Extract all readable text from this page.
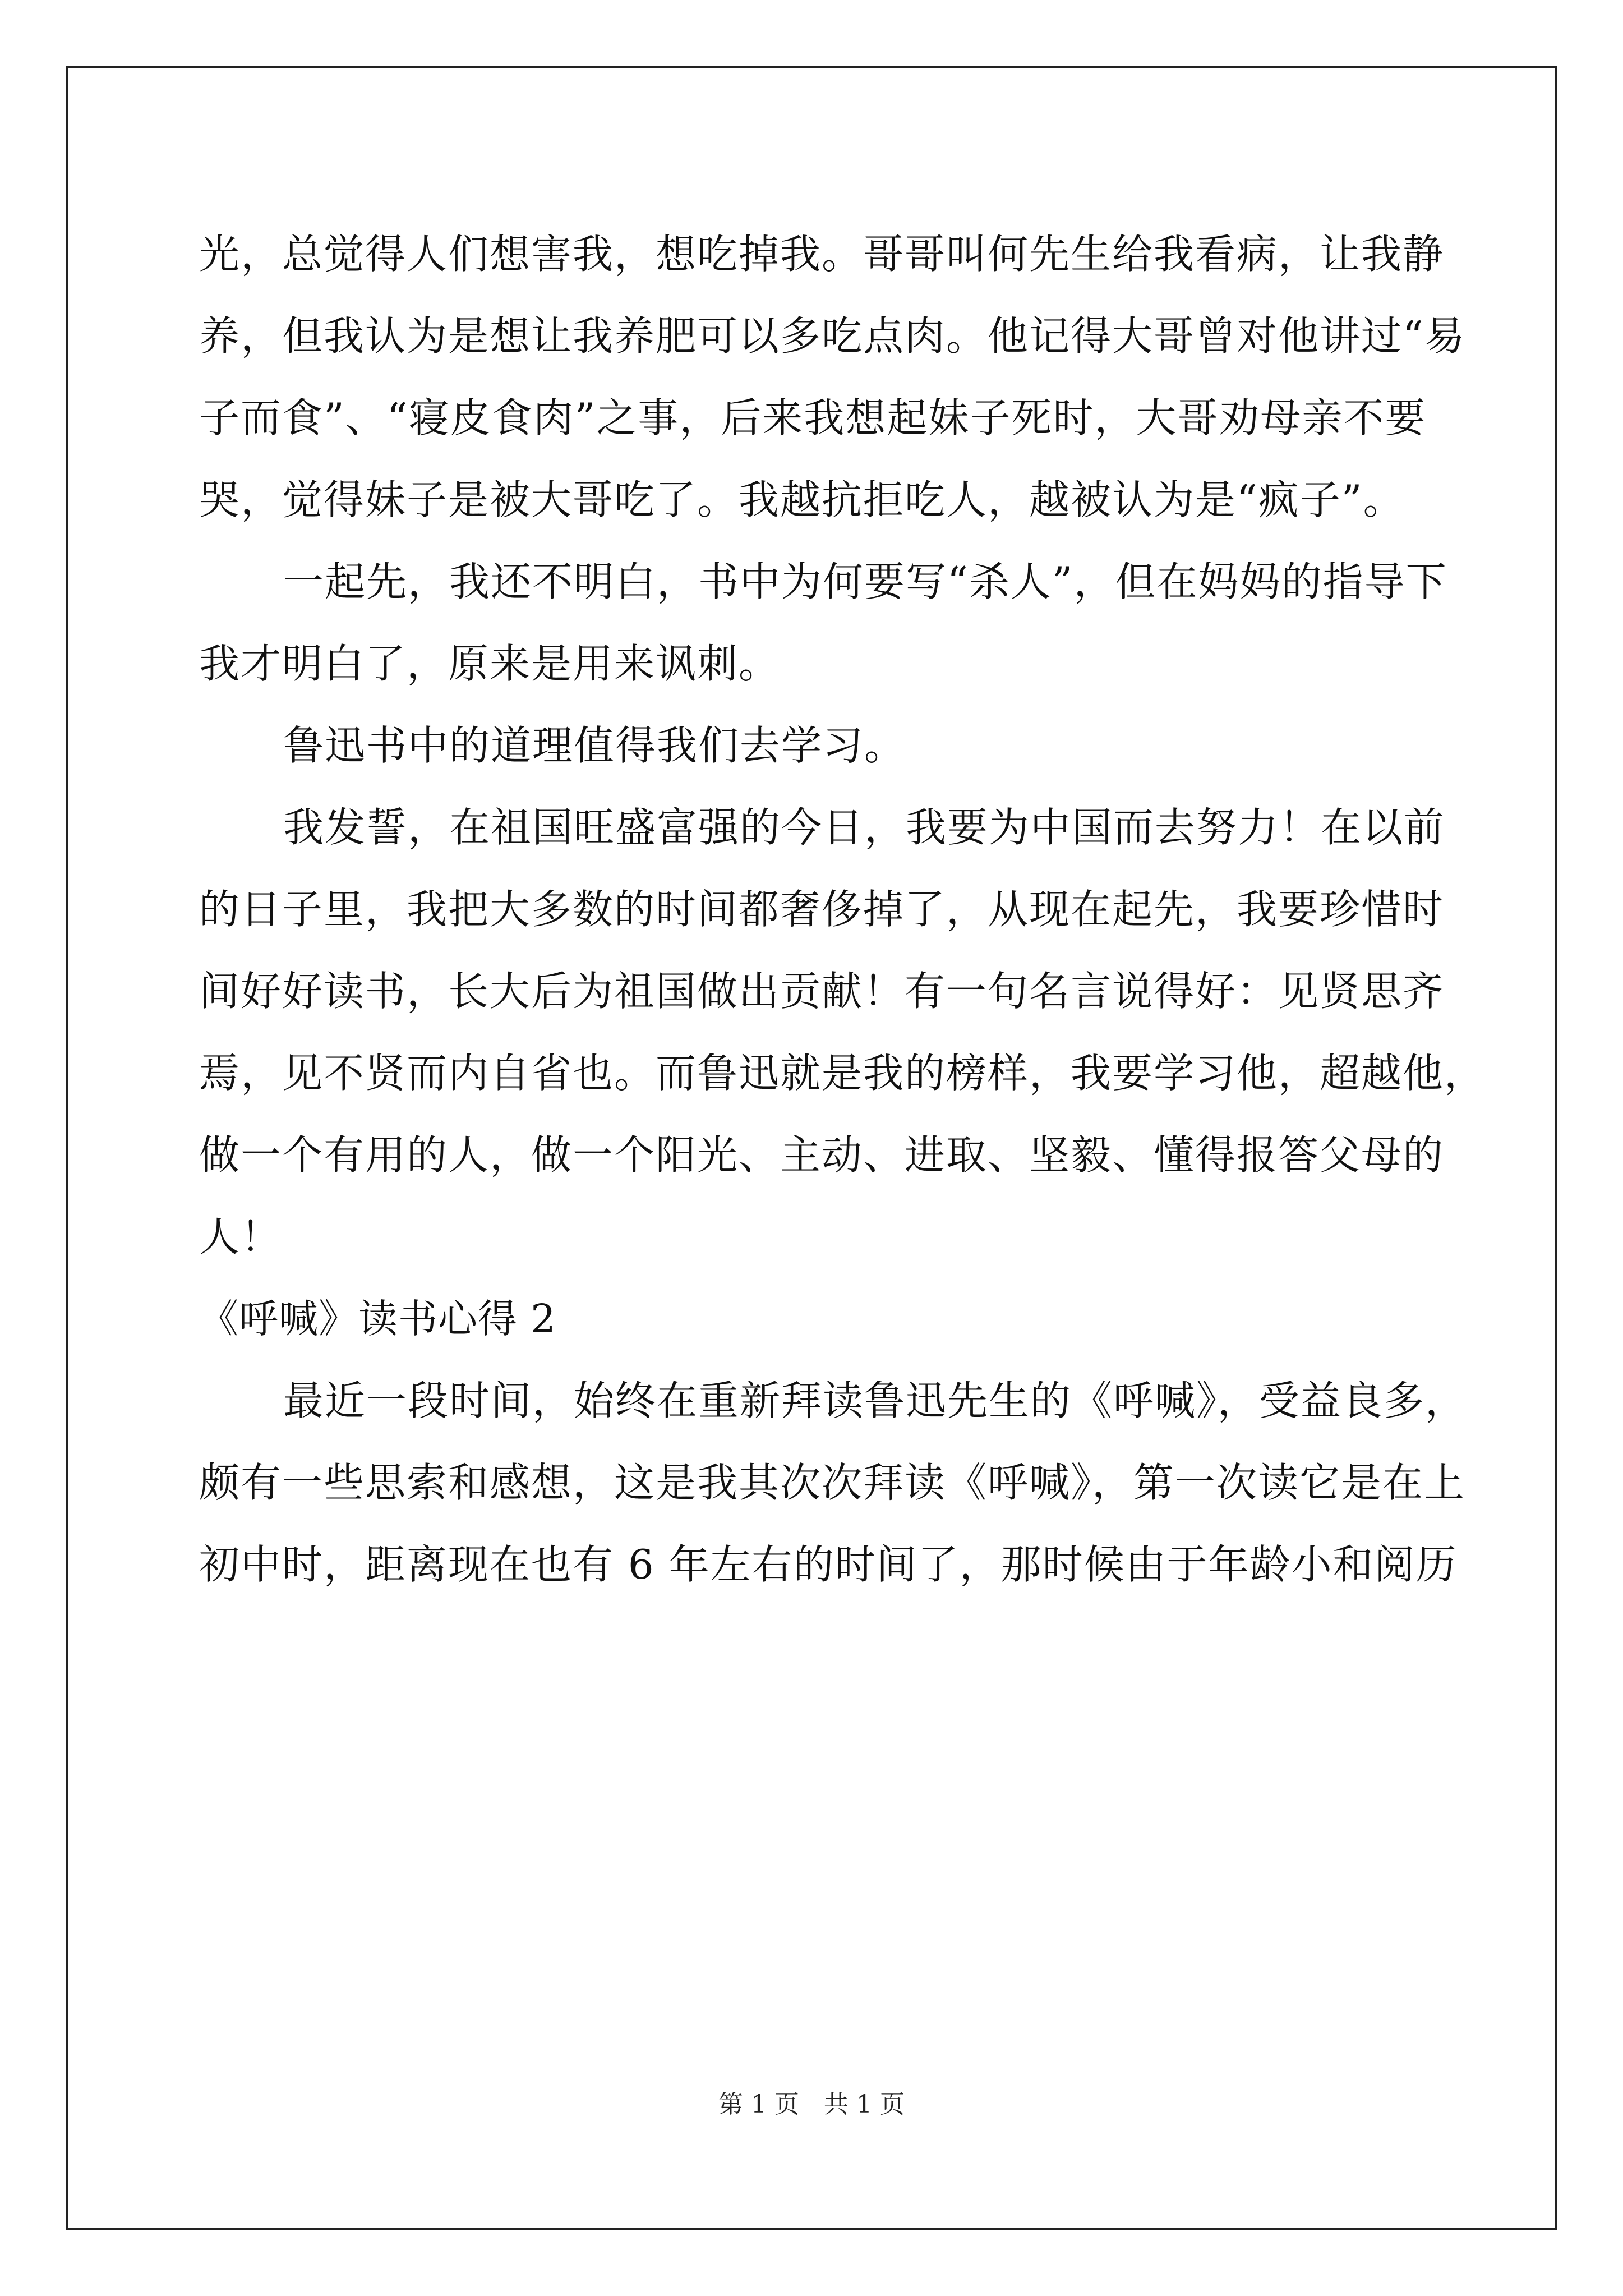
光，总觉得人们想害我，想吃掉我。哥哥叫何先生给我看病，让我静
养，但我认为是想让我养肥可以多吃点肉。他记得大哥曾对他讲过“易
子而食”、“寝皮食肉”之事，后来我想起妹子死时，大哥劝母亲不要
哭，觉得妹子是被大哥吃了。我越抗拒吃人，越被认为是“疯子”。
一起先，我还不明白，书中为何要写“杀人”，但在妈妈的指导下
我才明白了，原来是用来讽刺。
鲁迅书中的道理值得我们去学习。
我发誓，在祖国旺盛富强的今日，我要为中国而去努力！在以前
的日子里，我把大多数的时间都奢侈掉了，从现在起先，我要珍惜时
间好好读书，长大后为祖国做出贡献！有一句名言说得好：见贤思齐
焉，见不贤而内自省也。而鲁迅就是我的榜样，我要学习他，超越他，
做一个有用的人，做一个阳光、主动、进取、坚毅、懂得报答父母的
人！
《呼喊》读书心得 2
最近一段时间，始终在重新拜读鲁迅先生的《呼喊》，受益良多，
颇有一些思索和感想，这是我其次次拜读《呼喊》，第一次读它是在上
初中时，距离现在也有 6 年左右的时间了，那时候由于年龄小和阅历
第 1 页　共 1 页
